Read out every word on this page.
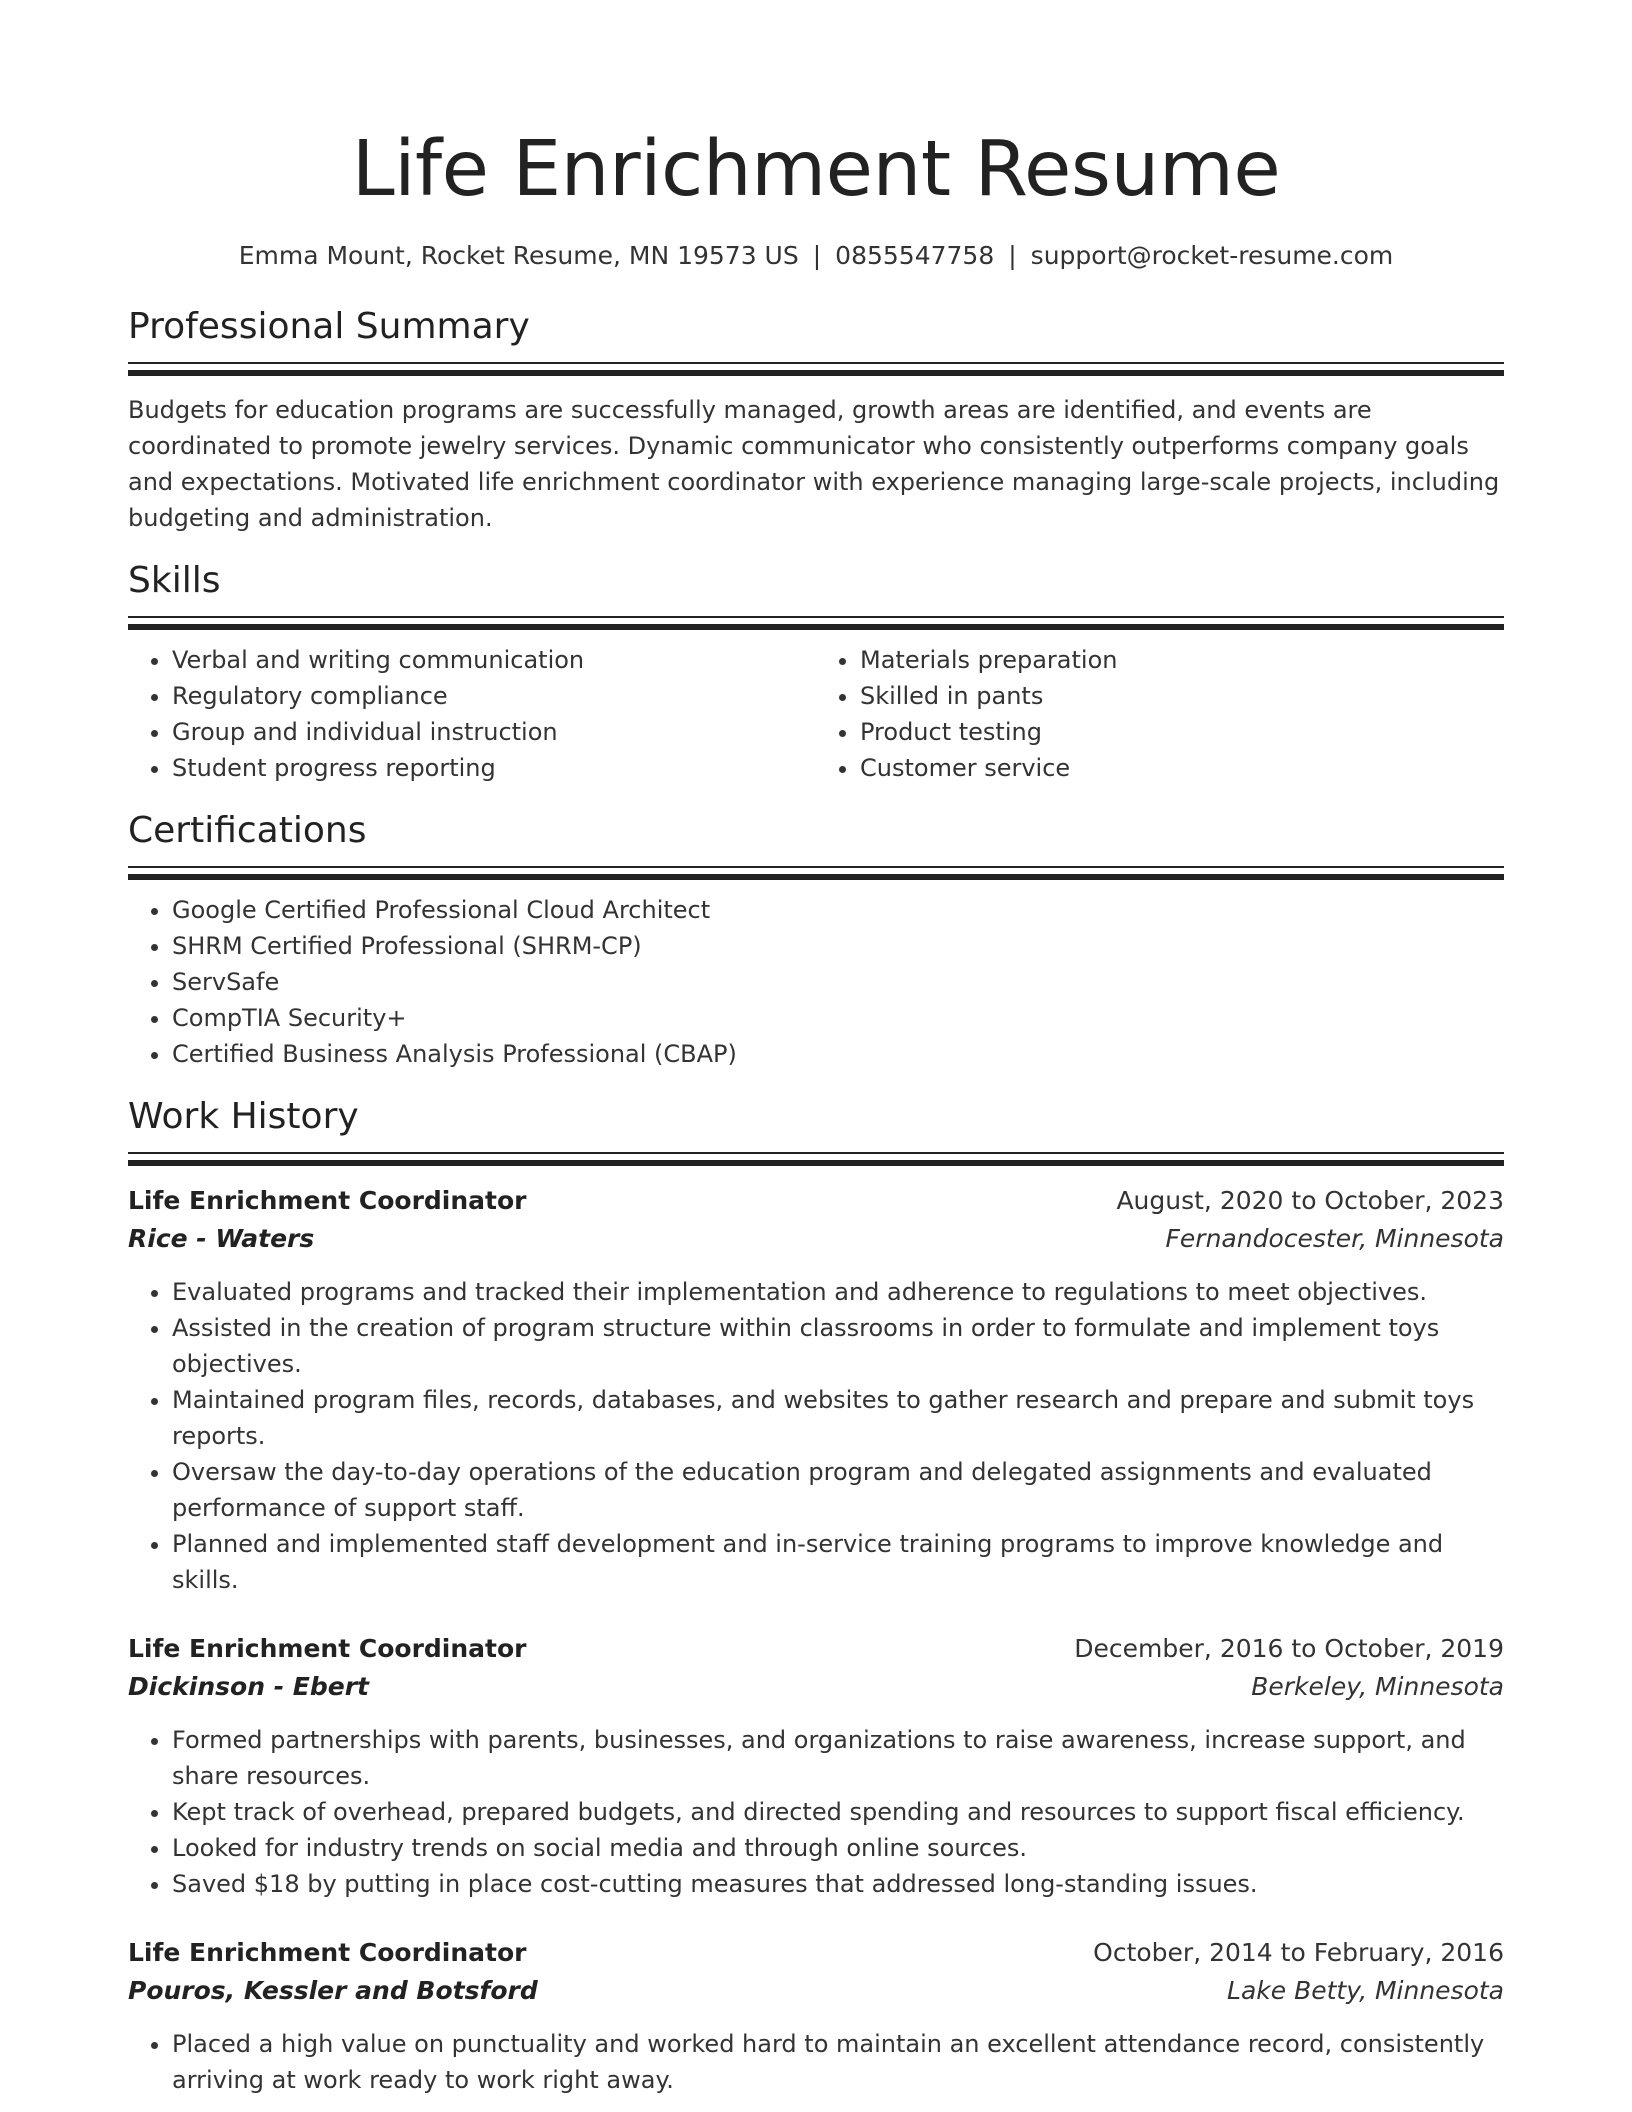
Life Enrichment Resume
Emma Mount, Rocket Resume, MN 19573 US | 0855547758 | support@rocket-resume.com
Professional Summary
Budgets for education programs are successfully managed, growth areas are identified, and events are coordinated to promote jewelry services. Dynamic communicator who consistently outperforms company goals and expectations. Motivated life enrichment coordinator with experience managing large-scale projects, including budgeting and administration.
Skills
• Verbal and writing communication
• Regulatory compliance
• Group and individual instruction
• Student progress reporting
• Materials preparation
• Skilled in pants
• Product testing
• Customer service
Certifications
• Google Certified Professional Cloud Architect
• SHRM Certified Professional (SHRM-CP)
• ServSafe
• CompTIA Security+
• Certified Business Analysis Professional (CBAP)
Work History
Life Enrichment Coordinator	August, 2020 to October, 2023
Rice - Waters	Fernandocester, Minnesota
• Evaluated programs and tracked their implementation and adherence to regulations to meet objectives.
• Assisted in the creation of program structure within classrooms in order to formulate and implement toys objectives.
• Maintained program files, records, databases, and websites to gather research and prepare and submit toys reports.
• Oversaw the day-to-day operations of the education program and delegated assignments and evaluated performance of support staff.
• Planned and implemented staff development and in-service training programs to improve knowledge and skills.
Life Enrichment Coordinator	December, 2016 to October, 2019
Dickinson - Ebert	Berkeley, Minnesota
• Formed partnerships with parents, businesses, and organizations to raise awareness, increase support, and share resources.
• Kept track of overhead, prepared budgets, and directed spending and resources to support fiscal efficiency.
• Looked for industry trends on social media and through online sources.
• Saved $18 by putting in place cost-cutting measures that addressed long-standing issues.
Life Enrichment Coordinator	October, 2014 to February, 2016
Pouros, Kessler and Botsford	Lake Betty, Minnesota
• Placed a high value on punctuality and worked hard to maintain an excellent attendance record, consistently arriving at work ready to work right away.
